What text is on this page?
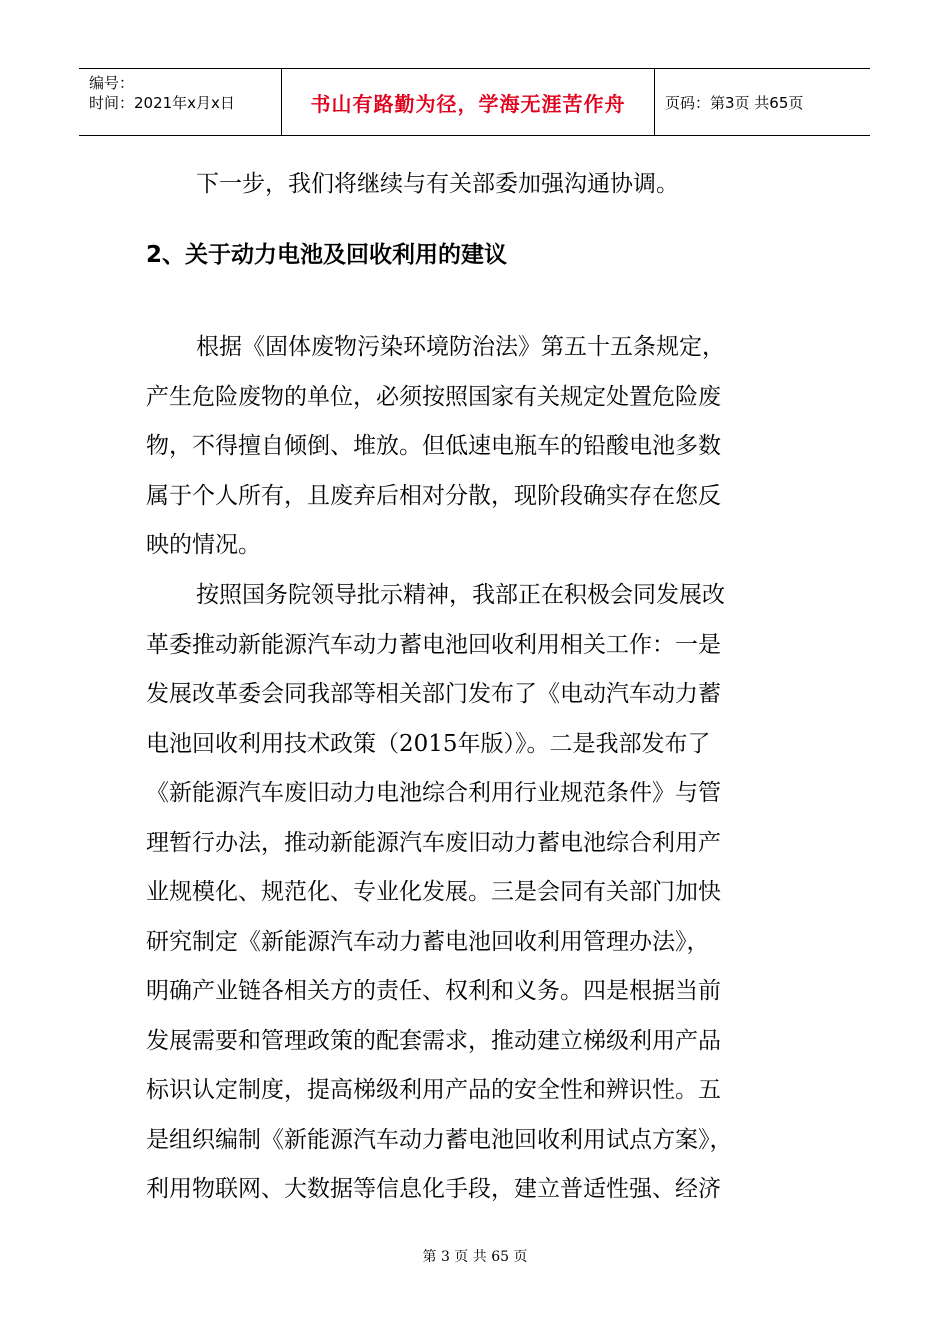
编号：
时间：2021年x月x日	书山有路勤为径，学海无涯苦作舟	页码：第3页 共65页
下一步，我们将继续与有关部委加强沟通协调。
2、关于动力电池及回收利用的建议
根据《固体废物污染环境防治法》第五十五条规定，
产生危险废物的单位，必须按照国家有关规定处置危险废
物，不得擅自倾倒、堆放。但低速电瓶车的铅酸电池多数
属于个人所有，且废弃后相对分散，现阶段确实存在您反
映的情况。
按照国务院领导批示精神，我部正在积极会同发展改
革委推动新能源汽车动力蓄电池回收利用相关工作：一是
发展改革委会同我部等相关部门发布了《电动汽车动力蓄
电池回收利用技术政策（2015年版）》。二是我部发布了
《新能源汽车废旧动力电池综合利用行业规范条件》与管
理暂行办法，推动新能源汽车废旧动力蓄电池综合利用产
业规模化、规范化、专业化发展。三是会同有关部门加快
研究制定《新能源汽车动力蓄电池回收利用管理办法》，
明确产业链各相关方的责任、权利和义务。四是根据当前
发展需要和管理政策的配套需求，推动建立梯级利用产品
标识认定制度，提高梯级利用产品的安全性和辨识性。五
是组织编制《新能源汽车动力蓄电池回收利用试点方案》，
利用物联网、大数据等信息化手段，建立普适性强、经济
第 3 页 共 65 页
